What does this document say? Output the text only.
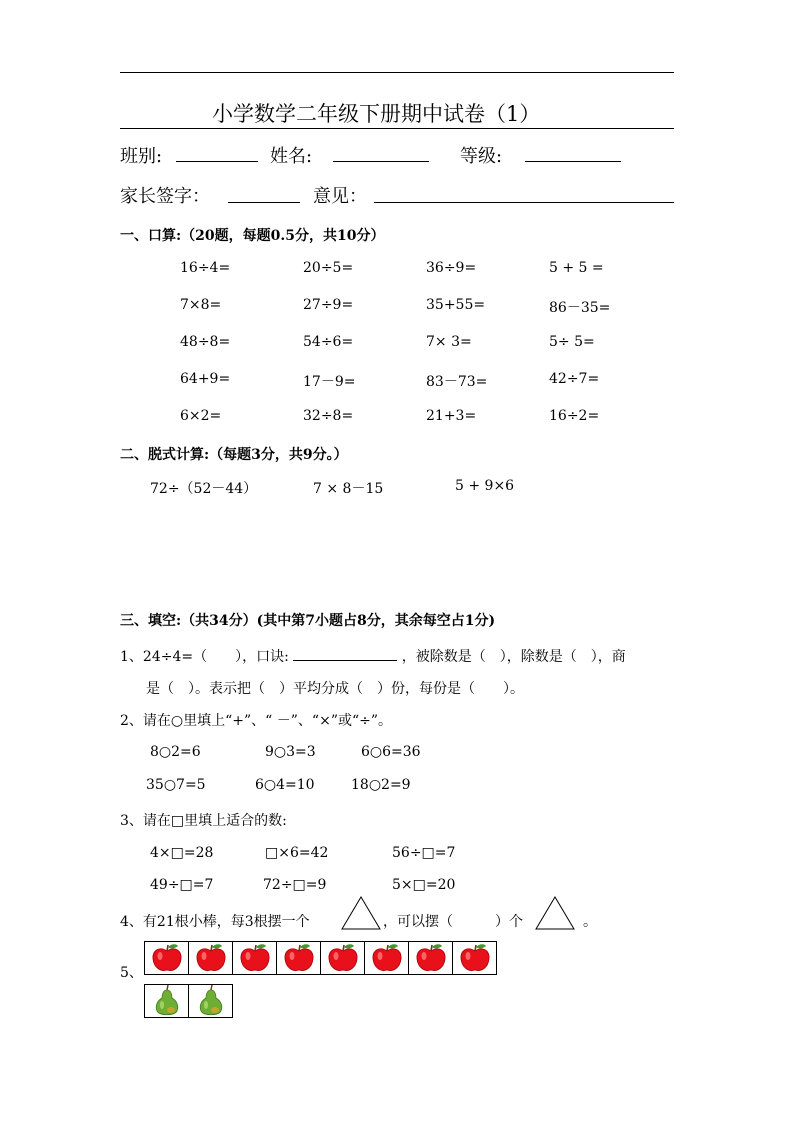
小学数学二年级下册期中试卷（1）
班别:	姓名:	等级:
家长签字：	意见：
一、口算:（20题，每题0.5分，共10分）
16÷4=	20÷5=	36÷9=	5 + 5 =
7×8=	27÷9=	35+55=	86－35=
48÷8=	54÷6=	7× 3=	5÷ 5=
64+9=	17－9=	83－73=	42÷7=
6×2=	32÷8=	21+3=	16÷2=
二、脱式计算:（每题3分，共9分。）
72÷（52－44）	7 × 8－15	5 + 9×6
三、填空:（共34分）(其中第7小题占8分，其余每空占1分)
1、24÷4=（　　），口诀:	，被除数是（　），除数是（　），商
是（　）。表示把（　）平均分成（　）份，每份是（　　）。
2、请在○里填上“+”、“ －”、“×”或“÷”。
8○2=6	9○3=3	6○6=36
35○7=5	6○4=10	18○2=9
3、请在□里填上适合的数:
4×□=28	□×6=42	56÷□=7
49÷□=7	72÷□=9	5×□=20
4、有21根小棒，每3根摆一个	，可以摆（　　　）个	。
5、
